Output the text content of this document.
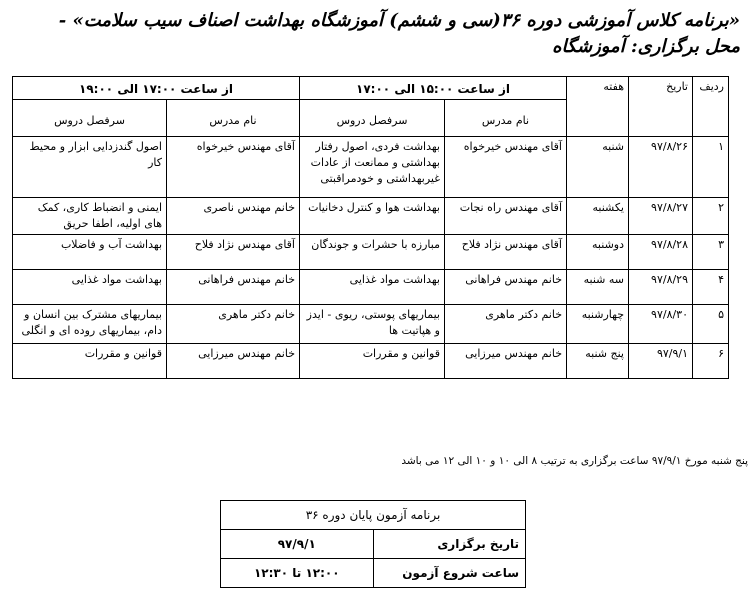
«برنامه کلاس آموزشی دوره ۳۶(سی و ششم) آموزشگاه بهداشت اصناف سیب سلامت» - محل برگزاری: آموزشگاه
ردیف	تاریخ	هفته	از ساعت ۱۵:۰۰ الی ۱۷:۰۰		از ساعت ۱۷:۰۰ الی ۱۹:۰۰	
			نام مدرس	سرفصل دروس	نام مدرس	سرفصل دروس
۱	۹۷/۸/۲۶	شنبه	آقای مهندس خیرخواه	بهداشت فردی، اصول رفتار بهداشتی و ممانعت از عادات غیربهداشتی و خودمراقبتی	آقای مهندس خیرخواه	اصول گندزدایی ابزار و محیط کار
۲	۹۷/۸/۲۷	یکشنبه	آقای مهندس راه نجات	بهداشت هوا و کنترل دخانیات	خانم مهندس ناصری	ایمنی و انضباط کاری، کمک های اولیه، اطفا حریق
۳	۹۷/۸/۲۸	دوشنبه	آقای مهندس نژاد فلاح	مبارزه با حشرات و جوندگان	آقای مهندس نژاد فلاح	بهداشت آب و فاضلاب
۴	۹۷/۸/۲۹	سه شنبه	خانم مهندس فراهانی	بهداشت مواد غذایی	خانم مهندس فراهانی	بهداشت مواد غذایی
۵	۹۷/۸/۳۰	چهارشنبه	خانم دکتر ماهری	بیماریهای پوستی، ریوی - ایدز و هپاتیت ها	خانم دکتر ماهری	بیماریهای مشترک بین انسان و دام، بیماریهای روده ای و انگلی
۶	۹۷/۹/۱	پنج شنبه	خانم مهندس میرزایی	قوانین و مقررات	خانم مهندس میرزایی	قوانین و مقررات
پنج شنبه مورخ ۹۷/۹/۱ ساعت برگزاری به ترتیب ۸ الی ۱۰ و ۱۰ الی ۱۲ می باشد
برنامه آزمون پایان دوره ۳۶	
تاریخ برگزاری	۹۷/۹/۱
ساعت شروع آزمون	۱۲:۰۰ تا ۱۲:۳۰
